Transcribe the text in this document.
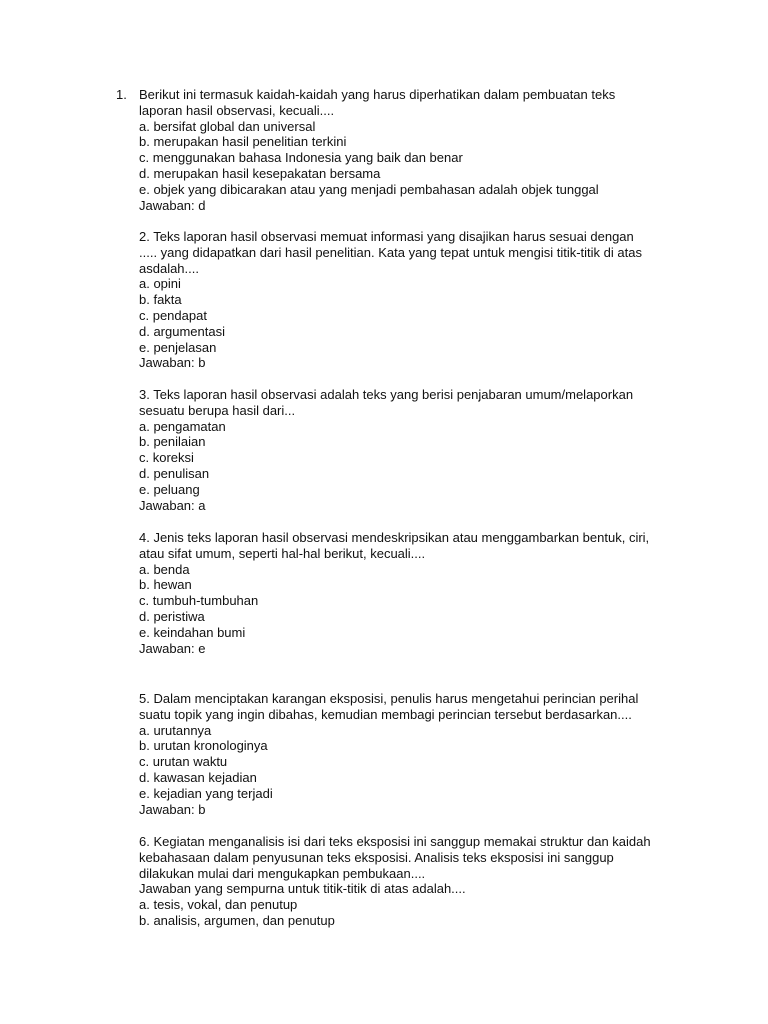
1. Berikut ini termasuk kaidah-kaidah yang harus diperhatikan dalam pembuatan teks
laporan hasil observasi, kecuali....
a. bersifat global dan universal
b. merupakan hasil penelitian terkini
c. menggunakan bahasa Indonesia yang baik dan benar
d. merupakan hasil kesepakatan bersama
e. objek yang dibicarakan atau yang menjadi pembahasan adalah objek tunggal
Jawaban: d
2. Teks laporan hasil observasi memuat informasi yang disajikan harus sesuai dengan
..... yang didapatkan dari hasil penelitian. Kata yang tepat untuk mengisi titik-titik di atas
asdalah....
a. opini
b. fakta
c. pendapat
d. argumentasi
e. penjelasan
Jawaban: b
3. Teks laporan hasil observasi adalah teks yang berisi penjabaran umum/melaporkan
sesuatu berupa hasil dari...
a. pengamatan
b. penilaian
c. koreksi
d. penulisan
e. peluang
Jawaban: a
4. Jenis teks laporan hasil observasi mendeskripsikan atau menggambarkan bentuk, ciri,
atau sifat umum, seperti hal-hal berikut, kecuali....
a. benda
b. hewan
c. tumbuh-tumbuhan
d. peristiwa
e. keindahan bumi
Jawaban: e
5. Dalam menciptakan karangan eksposisi, penulis harus mengetahui perincian perihal
suatu topik yang ingin dibahas, kemudian membagi perincian tersebut berdasarkan....
a. urutannya
b. urutan kronologinya
c. urutan waktu
d. kawasan kejadian
e. kejadian yang terjadi
Jawaban: b
6. Kegiatan menganalisis isi dari teks eksposisi ini sanggup memakai struktur dan kaidah
kebahasaan dalam penyusunan teks eksposisi. Analisis teks eksposisi ini sanggup
dilakukan mulai dari mengukapkan pembukaan....
Jawaban yang sempurna untuk titik-titik di atas adalah....
a. tesis, vokal, dan penutup
b. analisis, argumen, dan penutup
